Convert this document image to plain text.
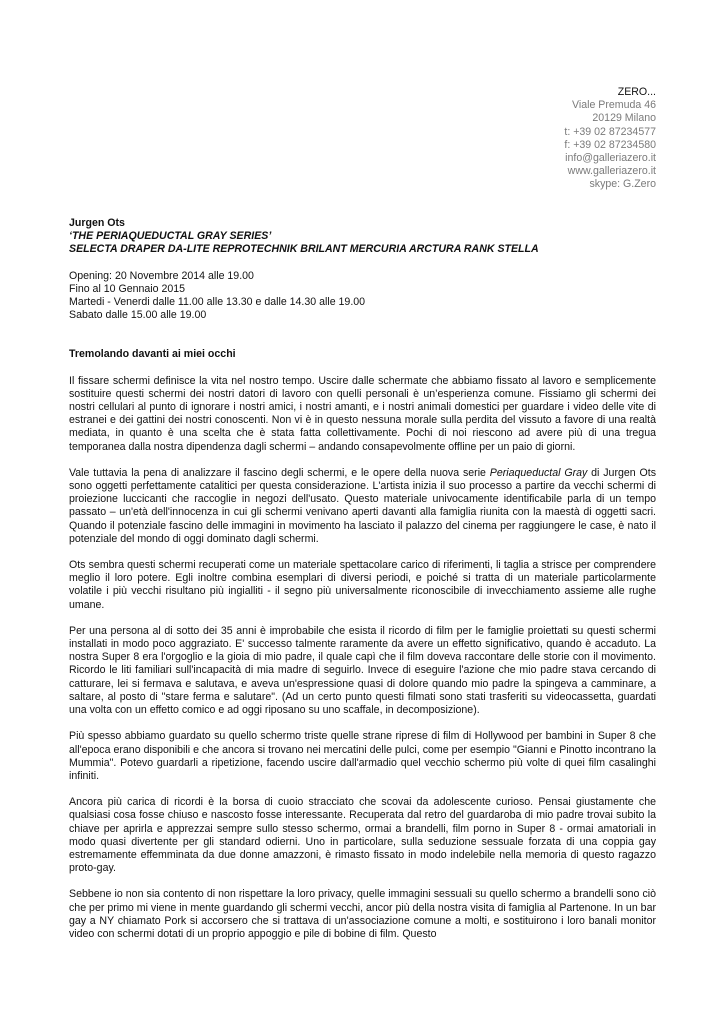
ZERO...
Viale Premuda 46
20129 Milano
t: +39 02 87234577
f: +39 02 87234580
info@galleriazero.it
www.galleriazero.it
skype: G.Zero
Jurgen Ots
‘THE PERIAQUEDUCTAL GRAY SERIES’
SELECTA DRAPER DA-LITE REPROTECHNIK BRILANT MERCURIA ARCTURA RANK STELLA
Opening: 20 Novembre 2014 alle 19.00
Fino al 10 Gennaio 2015
Martedi - Venerdi dalle 11.00 alle 13.30 e dalle 14.30 alle 19.00
Sabato dalle 15.00 alle 19.00
Tremolando davanti ai miei occhi

Il fissare schermi definisce la vita nel nostro tempo. Uscire dalle schermate che abbiamo fissato al lavoro e semplicemente sostituire questi schermi dei nostri datori di lavoro con quelli personali è un’esperienza comune. Fissiamo gli schermi dei nostri cellulari al punto di ignorare i nostri amici, i nostri amanti, e i nostri animali domestici per guardare i video delle vite di estranei e dei gattini dei nostri conoscenti. Non vi è in questo nessuna morale sulla perdita del vissuto a favore di una realtà mediata, in quanto è una scelta che è stata fatta collettivamente. Pochi di noi riescono ad avere più di una tregua temporanea dalla nostra dipendenza dagli schermi – andando consapevolmente offline per un paio di giorni.

Vale tuttavia la pena di analizzare il fascino degli schermi, e le opere della nuova serie Periaqueductal Gray di Jurgen Ots sono oggetti perfettamente catalitici per questa considerazione. L'artista inizia il suo processo a partire da vecchi schermi di proiezione luccicanti che raccoglie in negozi dell'usato. Questo materiale univocamente identificabile parla di un tempo passato – un'età dell'innocenza in cui gli schermi venivano aperti davanti alla famiglia riunita con la maestà di oggetti sacri. Quando il potenziale fascino delle immagini in movimento ha lasciato il palazzo del cinema per raggiungere le case, è nato il potenziale del mondo di oggi dominato dagli schermi.

Ots sembra questi schermi recuperati come un materiale spettacolare carico di riferimenti, li taglia a strisce per comprendere meglio il loro potere. Egli inoltre combina esemplari di diversi periodi, e poiché si tratta di un materiale particolarmente volatile i più vecchi risultano più ingialliti - il segno più universalmente riconoscibile di invecchiamento assieme alle rughe umane.

Per una persona al di sotto dei 35 anni è improbabile che esista il ricordo di film per le famiglie proiettati su questi schermi installati in modo poco aggraziato. E' successo talmente raramente da avere un effetto significativo, quando è accaduto. La nostra Super 8 era l'orgoglio e la gioia di mio padre, il quale capì che il film doveva raccontare delle storie con il movimento. Ricordo le liti familiari sull'incapacità di mia madre di seguirlo. Invece di eseguire l'azione che mio padre stava cercando di catturare, lei si fermava e salutava, e aveva un'espressione quasi di dolore quando mio padre la spingeva a camminare, a saltare, al posto di "stare ferma e salutare". (Ad un certo punto questi filmati sono stati trasferiti su videocassetta, guardati una volta con un effetto comico e ad oggi riposano su uno scaffale, in decomposizione).

Più spesso abbiamo guardato su quello schermo triste quelle strane riprese di film di Hollywood per bambini in Super 8 che all'epoca erano disponibili e che ancora si trovano nei mercatini delle pulci, come per esempio "Gianni e Pinotto incontrano la Mummia". Potevo guardarli a ripetizione, facendo uscire dall'armadio quel vecchio schermo più volte di quei film casalinghi infiniti.

Ancora più carica di ricordi è la borsa di cuoio stracciato che scovai da adolescente curioso. Pensai giustamente che qualsiasi cosa fosse chiuso e nascosto fosse interessante. Recuperata dal retro del guardaroba di mio padre trovai subito la chiave per aprirla e apprezzai sempre sullo stesso schermo, ormai a brandelli, film porno in Super 8 - ormai amatoriali in modo quasi divertente per gli standard odierni. Uno in particolare, sulla seduzione sessuale forzata di una coppia gay estremamente effemminata da due donne amazzoni, è rimasto fissato in modo indelebile nella memoria di questo ragazzo proto-gay.

Sebbene io non sia contento di non rispettare la loro privacy, quelle immagini sessuali su quello schermo a brandelli sono ciò che per primo mi viene in mente guardando gli schermi vecchi, ancor più della nostra visita di famiglia al Partenone. In un bar gay a NY chiamato Pork si accorsero che si trattava di un'associazione comune a molti, e sostituirono i loro banali monitor video con schermi dotati di un proprio appoggio e pile di bobine di film. Questo
